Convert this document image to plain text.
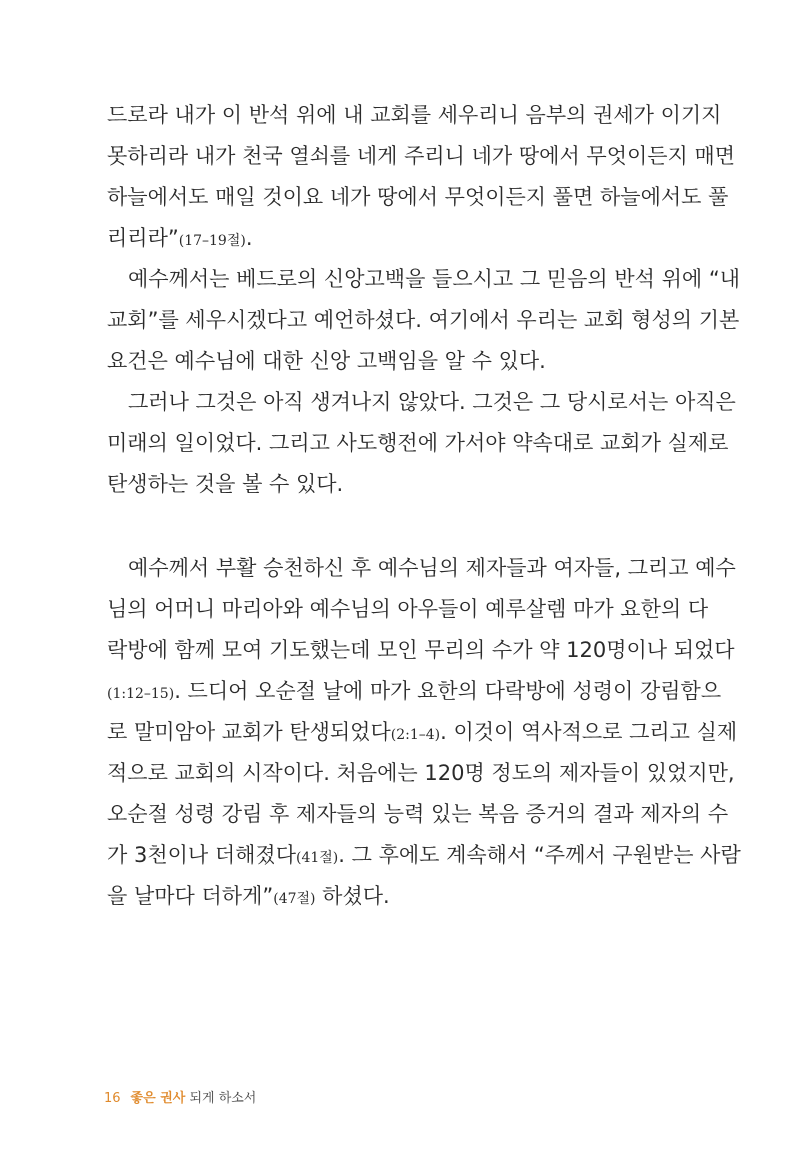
드로라 내가 이 반석 위에 내 교회를 세우리니 음부의 권세가 이기지
못하리라 내가 천국 열쇠를 네게 주리니 네가 땅에서 무엇이든지 매면
하늘에서도 매일 것이요 네가 땅에서 무엇이든지 풀면 하늘에서도 풀
리리라”(17–19절).
예수께서는 베드로의 신앙고백을 들으시고 그 믿음의 반석 위에 “내
교회”를 세우시겠다고 예언하셨다. 여기에서 우리는 교회 형성의 기본
요건은 예수님에 대한 신앙 고백임을 알 수 있다.
그러나 그것은 아직 생겨나지 않았다. 그것은 그 당시로서는 아직은
미래의 일이었다. 그리고 사도행전에 가서야 약속대로 교회가 실제로
탄생하는 것을 볼 수 있다.
예수께서 부활 승천하신 후 예수님의 제자들과 여자들, 그리고 예수
님의 어머니 마리아와 예수님의 아우들이 예루살렘 마가 요한의 다
락방에 함께 모여 기도했는데 모인 무리의 수가 약 120명이나 되었다
(1:12–15). 드디어 오순절 날에 마가 요한의 다락방에 성령이 강림함으
로 말미암아 교회가 탄생되었다(2:1–4). 이것이 역사적으로 그리고 실제
적으로 교회의 시작이다. 처음에는 120명 정도의 제자들이 있었지만,
오순절 성령 강림 후 제자들의 능력 있는 복음 증거의 결과 제자의 수
가 3천이나 더해졌다(41절). 그 후에도 계속해서 “주께서 구원받는 사람
을 날마다 더하게”(47절) 하셨다.
16 좋은 권사 되게 하소서
